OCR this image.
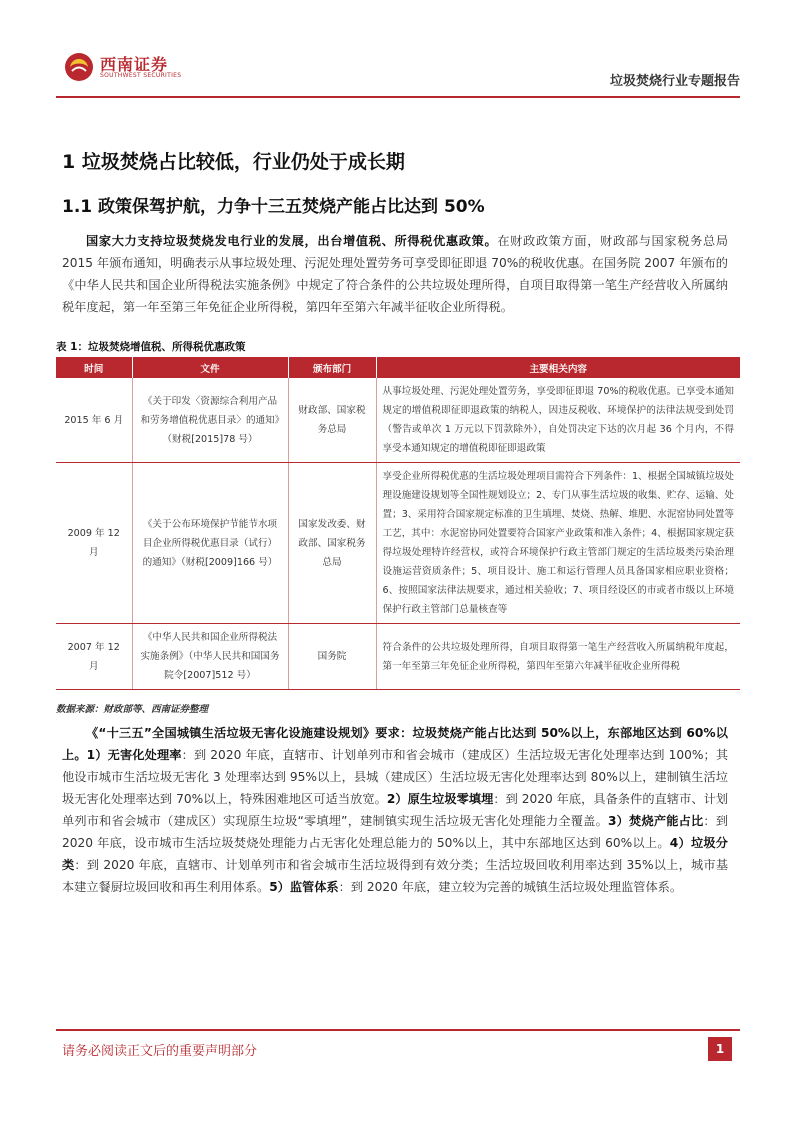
西南证券
SOUTHWEST SECURITIES	垃圾焚烧行业专题报告
1 垃圾焚烧占比较低，行业仍处于成长期
1.1 政策保驾护航，力争十三五焚烧产能占比达到 50%
国家大力支持垃圾焚烧发电行业的发展，出台增值税、所得税优惠政策。在财政政策方面，财政部与国家税务总局 2015 年颁布通知，明确表示从事垃圾处理、污泥处理处置劳务可享受即征即退 70%的税收优惠。在国务院 2007 年颁布的《中华人民共和国企业所得税法实施条例》中规定了符合条件的公共垃圾处理所得，自项目取得第一笔生产经营收入所属纳税年度起，第一年至第三年免征企业所得税，第四年至第六年减半征收企业所得税。
表 1：垃圾焚烧增值税、所得税优惠政策
时间	文件	颁布部门	主要相关内容
2015 年 6 月	《关于印发〈资源综合利用产品和劳务增值税优惠目录〉的通知》（财税[2015]78 号）	财政部、国家税务总局	从事垃圾处理、污泥处理处置劳务，享受即征即退 70%的税收优惠。已享受本通知规定的增值税即征即退政策的纳税人，因违反税收、环境保护的法律法规受到处罚（警告或单次 1 万元以下罚款除外），自处罚决定下达的次月起 36 个月内，不得享受本通知规定的增值税即征即退政策
2009 年 12 月	《关于公布环境保护节能节水项目企业所得税优惠目录（试行）的通知》（财税[2009]166 号）	国家发改委、财政部、国家税务总局	享受企业所得税优惠的生活垃圾处理项目需符合下列条件：1、根据全国城镇垃圾处理设施建设规划等全国性规划设立；2、专门从事生活垃圾的收集、贮存、运输、处置；3、采用符合国家规定标准的卫生填埋、焚烧、热解、堆肥、水泥窑协同处置等工艺，其中：水泥窑协同处置要符合国家产业政策和准入条件；4、根据国家规定获得垃圾处理特许经营权，或符合环境保护行政主管部门规定的生活垃圾类污染治理设施运营资质条件；5、项目设计、施工和运行管理人员具备国家相应职业资格；6、按照国家法律法规要求，通过相关验收；7、项目经设区的市或者市级以上环境保护行政主管部门总量核查等
2007 年 12 月	《中华人民共和国企业所得税法实施条例》（中华人民共和国国务院令[2007]512 号）	国务院	符合条件的公共垃圾处理所得，自项目取得第一笔生产经营收入所属纳税年度起，第一年至第三年免征企业所得税，第四年至第六年减半征收企业所得税
数据来源：财政部等、西南证券整理
《“十三五”全国城镇生活垃圾无害化设施建设规划》要求：垃圾焚烧产能占比达到 50%以上，东部地区达到 60%以上。1）无害化处理率：到 2020 年底，直辖市、计划单列市和省会城市（建成区）生活垃圾无害化处理率达到 100%；其他设市城市生活垃圾无害化 3 处理率达到 95%以上，县城（建成区）生活垃圾无害化处理率达到 80%以上，建制镇生活垃圾无害化处理率达到 70%以上，特殊困难地区可适当放宽。2）原生垃圾零填埋：到 2020 年底，具备条件的直辖市、计划单列市和省会城市（建成区）实现原生垃圾“零填埋”，建制镇实现生活垃圾无害化处理能力全覆盖。3）焚烧产能占比：到 2020 年底，设市城市生活垃圾焚烧处理能力占无害化处理总能力的 50%以上，其中东部地区达到 60%以上。4）垃圾分类：到 2020 年底，直辖市、计划单列市和省会城市生活垃圾得到有效分类；生活垃圾回收利用率达到 35%以上，城市基本建立餐厨垃圾回收和再生利用体系。5）监管体系：到 2020 年底，建立较为完善的城镇生活垃圾处理监管体系。
请务必阅读正文后的重要声明部分	1
